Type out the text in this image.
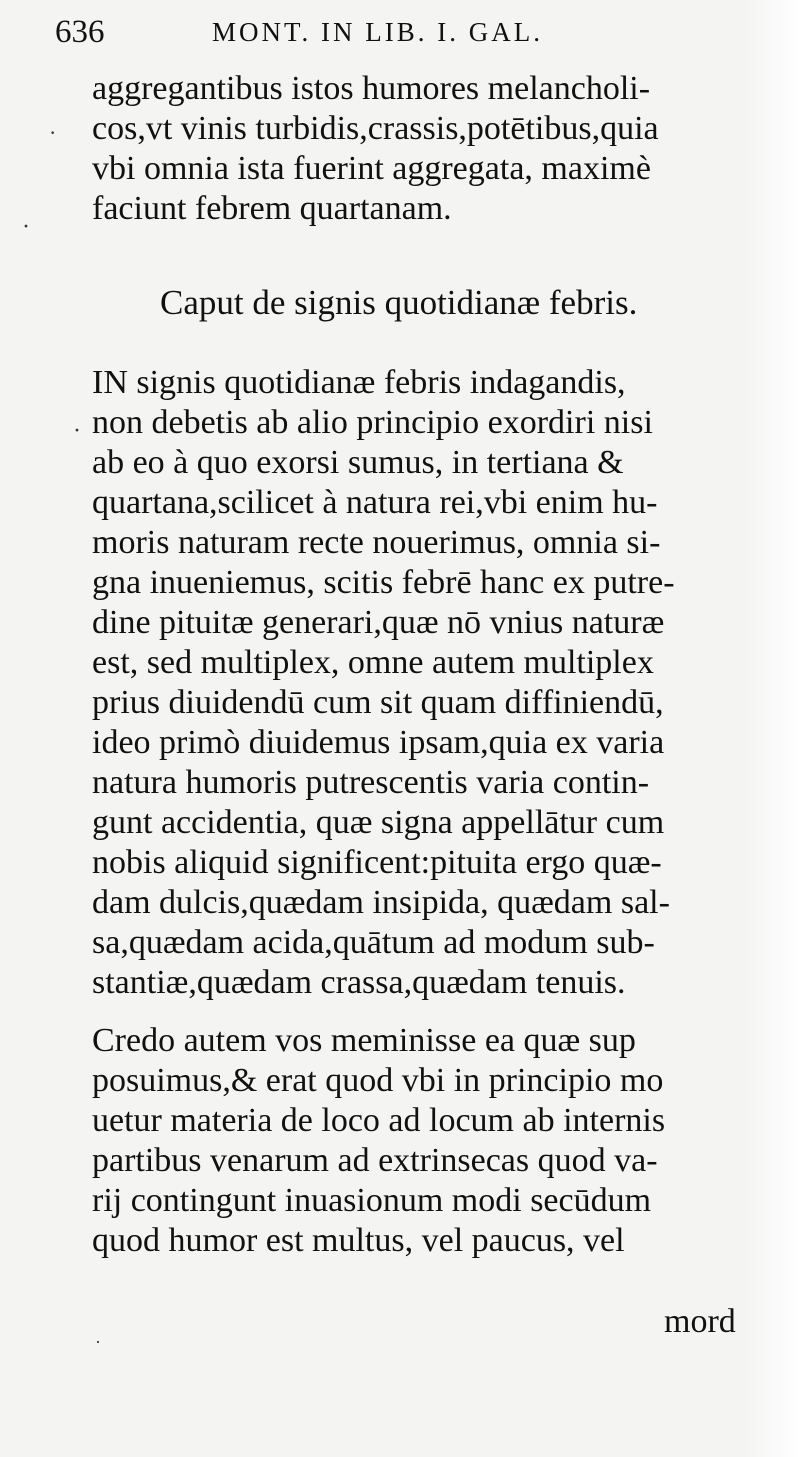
636	MONT. IN LIB. I. GAL.
aggregantibus istos humores melancholi-
cos,vt vinis turbidis,crassis,potētibus,quia
vbi omnia ista fuerint aggregata, maximè
faciunt febrem quartanam.
Caput de signis quotidianæ febris.
IN signis quotidianæ febris indagandis,
non debetis ab alio principio exordiri nisi
ab eo à quo exorsi sumus, in tertiana &
quartana,scilicet à natura rei,vbi enim hu-
moris naturam recte nouerimus, omnia si-
gna inueniemus, scitis febrē hanc ex putre-
dine pituitæ generari,quæ nō vnius naturæ
est, sed multiplex, omne autem multiplex
prius diuidendū cum sit quam diffiniendū,
ideo primò diuidemus ipsam,quia ex varia
natura humoris putrescentis varia contin-
gunt accidentia, quæ signa appellātur cum
nobis aliquid significent:pituita ergo quæ-
dam dulcis,quædam insipida, quædam sal-
sa,quædam acida,quātum ad modum sub-
stantiæ,quædam crassa,quædam tenuis.
Credo autem vos meminisse ea quæ sup
posuimus,& erat quod vbi in principio mo
uetur materia de loco ad locum ab internis
partibus venarum ad extrinsecas quod va-
rij contingunt inuasionum modi secūdum
quod humor est multus, vel paucus, vel
mord
·
·
·
·
